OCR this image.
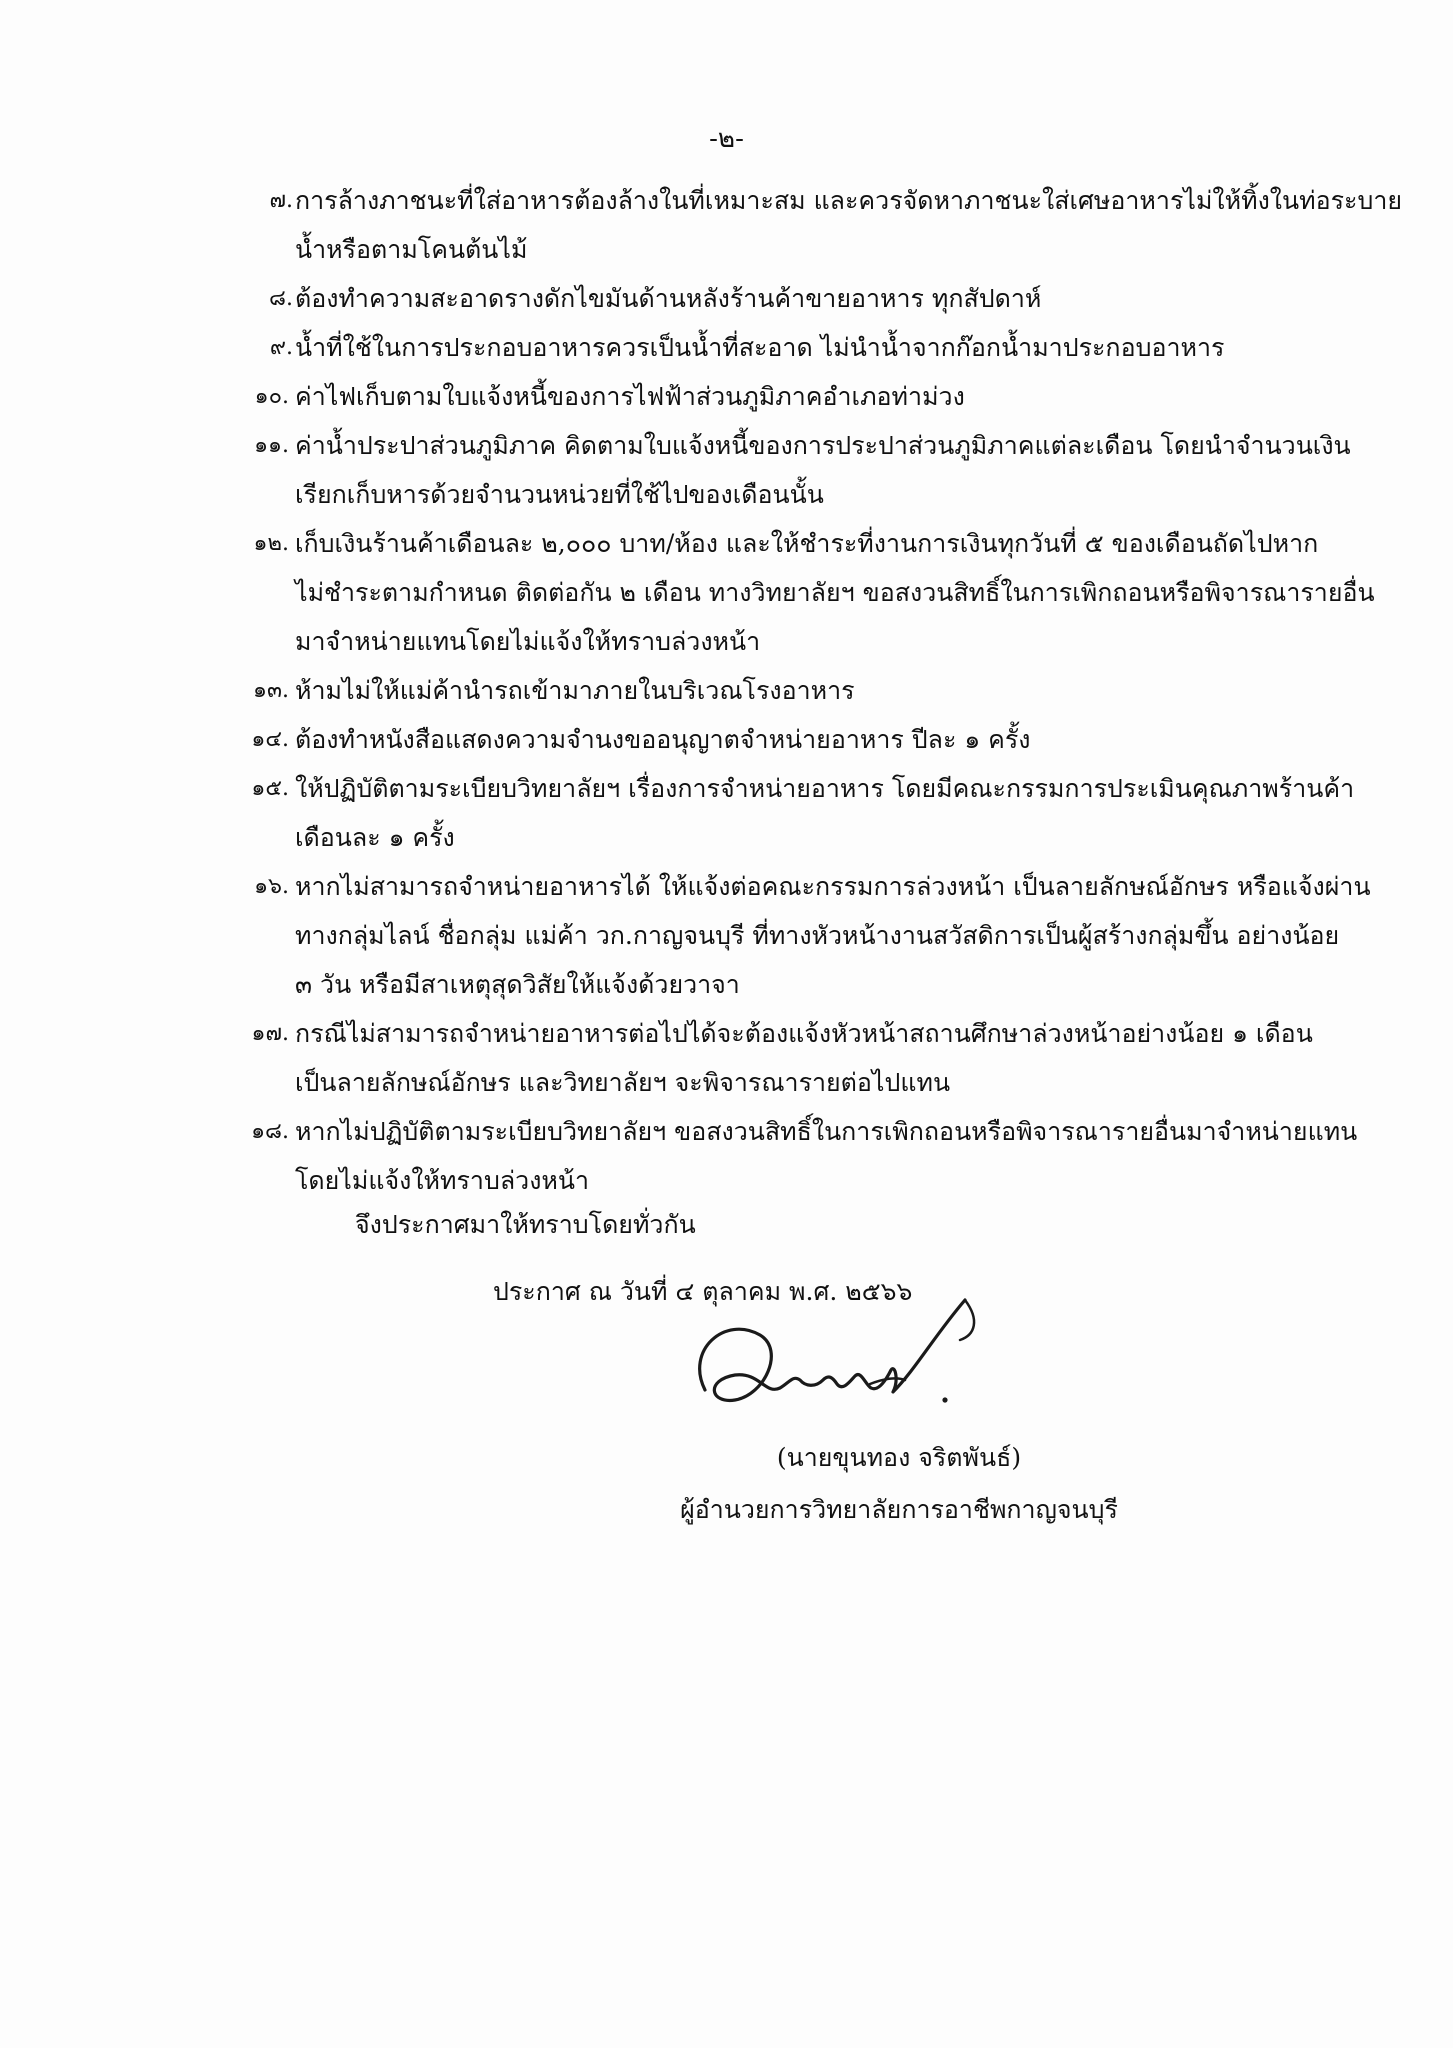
-๒-
๗. การล้างภาชนะที่ใส่อาหารต้องล้างในที่เหมาะสม และควรจัดหาภาชนะใส่เศษอาหารไม่ให้ทิ้งในท่อระบาย
น้ำหรือตามโคนต้นไม้
๘. ต้องทำความสะอาดรางดักไขมันด้านหลังร้านค้าขายอาหาร ทุกสัปดาห์
๙. น้ำที่ใช้ในการประกอบอาหารควรเป็นน้ำที่สะอาด ไม่นำน้ำจากก๊อกน้ำมาประกอบอาหาร
๑๐. ค่าไฟเก็บตามใบแจ้งหนี้ของการไฟฟ้าส่วนภูมิภาคอำเภอท่าม่วง
๑๑. ค่าน้ำประปาส่วนภูมิภาค คิดตามใบแจ้งหนี้ของการประปาส่วนภูมิภาคแต่ละเดือน โดยนำจำนวนเงิน
เรียกเก็บหารด้วยจำนวนหน่วยที่ใช้ไปของเดือนนั้น
๑๒. เก็บเงินร้านค้าเดือนละ ๒,๐๐๐ บาท/ห้อง และให้ชำระที่งานการเงินทุกวันที่ ๕ ของเดือนถัดไปหาก
ไม่ชำระตามกำหนด ติดต่อกัน ๒ เดือน ทางวิทยาลัยฯ ขอสงวนสิทธิ์ในการเพิกถอนหรือพิจารณารายอื่น
มาจำหน่ายแทนโดยไม่แจ้งให้ทราบล่วงหน้า
๑๓. ห้ามไม่ให้แม่ค้านำรถเข้ามาภายในบริเวณโรงอาหาร
๑๔. ต้องทำหนังสือแสดงความจำนงขออนุญาตจำหน่ายอาหาร ปีละ ๑ ครั้ง
๑๕. ให้ปฏิบัติตามระเบียบวิทยาลัยฯ เรื่องการจำหน่ายอาหาร โดยมีคณะกรรมการประเมินคุณภาพร้านค้า
เดือนละ ๑ ครั้ง
๑๖. หากไม่สามารถจำหน่ายอาหารได้ ให้แจ้งต่อคณะกรรมการล่วงหน้า เป็นลายลักษณ์อักษร หรือแจ้งผ่าน
ทางกลุ่มไลน์ ชื่อกลุ่ม แม่ค้า วก.กาญจนบุรี ที่ทางหัวหน้างานสวัสดิการเป็นผู้สร้างกลุ่มขึ้น อย่างน้อย
๓ วัน หรือมีสาเหตุสุดวิสัยให้แจ้งด้วยวาจา
๑๗. กรณีไม่สามารถจำหน่ายอาหารต่อไปได้จะต้องแจ้งหัวหน้าสถานศึกษาล่วงหน้าอย่างน้อย ๑ เดือน
เป็นลายลักษณ์อักษร และวิทยาลัยฯ จะพิจารณารายต่อไปแทน
๑๘. หากไม่ปฏิบัติตามระเบียบวิทยาลัยฯ ขอสงวนสิทธิ์ในการเพิกถอนหรือพิจารณารายอื่นมาจำหน่ายแทน
โดยไม่แจ้งให้ทราบล่วงหน้า
จึงประกาศมาให้ทราบโดยทั่วกัน
ประกาศ ณ วันที่ ๔ ตุลาคม พ.ศ. ๒๕๖๖
(นายขุนทอง จริตพันธ์)
ผู้อำนวยการวิทยาลัยการอาชีพกาญจนบุรี
